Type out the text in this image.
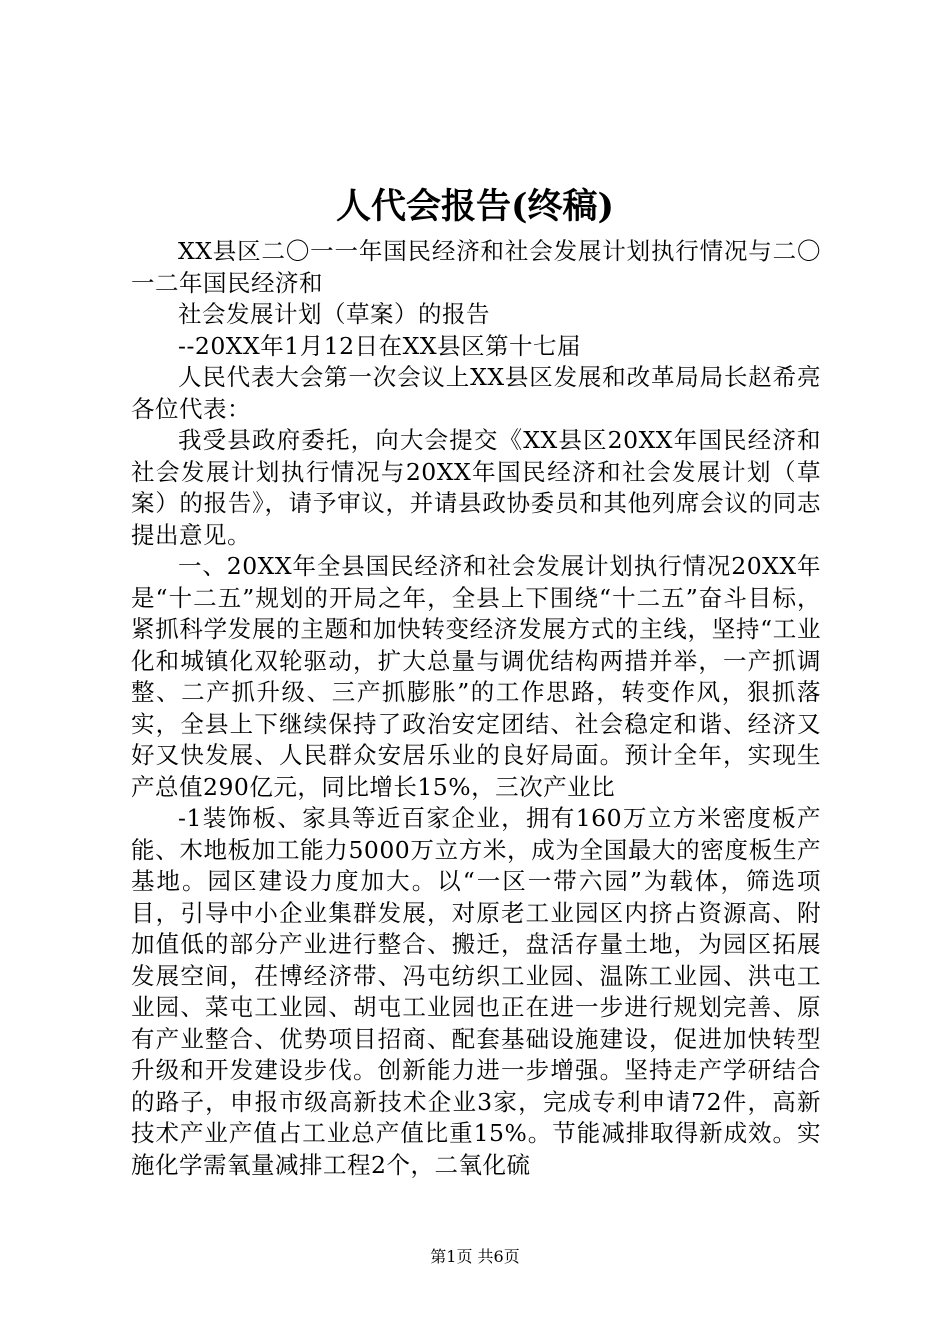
人代会报告(终稿)

XX县区二〇一一年国民经济和社会发展计划执行情况与二〇一二年国民经济和

社会发展计划（草案）的报告

--20XX年1月12日在XX县区第十七届

人民代表大会第一次会议上XX县区发展和改革局局长赵希亮各位代表：

我受县政府委托，向大会提交《XX县区20XX年国民经济和社会发展计划执行情况与20XX年国民经济和社会发展计划（草案）的报告》，请予审议，并请县政协委员和其他列席会议的同志提出意见。

一、20XX年全县国民经济和社会发展计划执行情况20XX年是“十二五”规划的开局之年，全县上下围绕“十二五”奋斗目标，紧抓科学发展的主题和加快转变经济发展方式的主线，坚持“工业化和城镇化双轮驱动，扩大总量与调优结构两措并举，一产抓调整、二产抓升级、三产抓膨胀”的工作思路，转变作风，狠抓落实，全县上下继续保持了政治安定团结、社会稳定和谐、经济又好又快发展、人民群众安居乐业的良好局面。预计全年，实现生产总值290亿元，同比增长15%，三次产业比

-1装饰板、家具等近百家企业，拥有160万立方米密度板产能、木地板加工能力5000万立方米，成为全国最大的密度板生产基地。园区建设力度加大。以“一区一带六园”为载体，筛选项目，引导中小企业集群发展，对原老工业园区内挤占资源高、附加值低的部分产业进行整合、搬迁，盘活存量土地，为园区拓展发展空间，茌博经济带、冯屯纺织工业园、温陈工业园、洪屯工业园、菜屯工业园、胡屯工业园也正在进一步进行规划完善、原有产业整合、优势项目招商、配套基础设施建设，促进加快转型升级和开发建设步伐。创新能力进一步增强。坚持走产学研结合的路子，申报市级高新技术企业3家，完成专利申请72件，高新技术产业产值占工业总产值比重15%。节能减排取得新成效。实施化学需氧量减排工程2个，二氧化硫

第1页 共6页
